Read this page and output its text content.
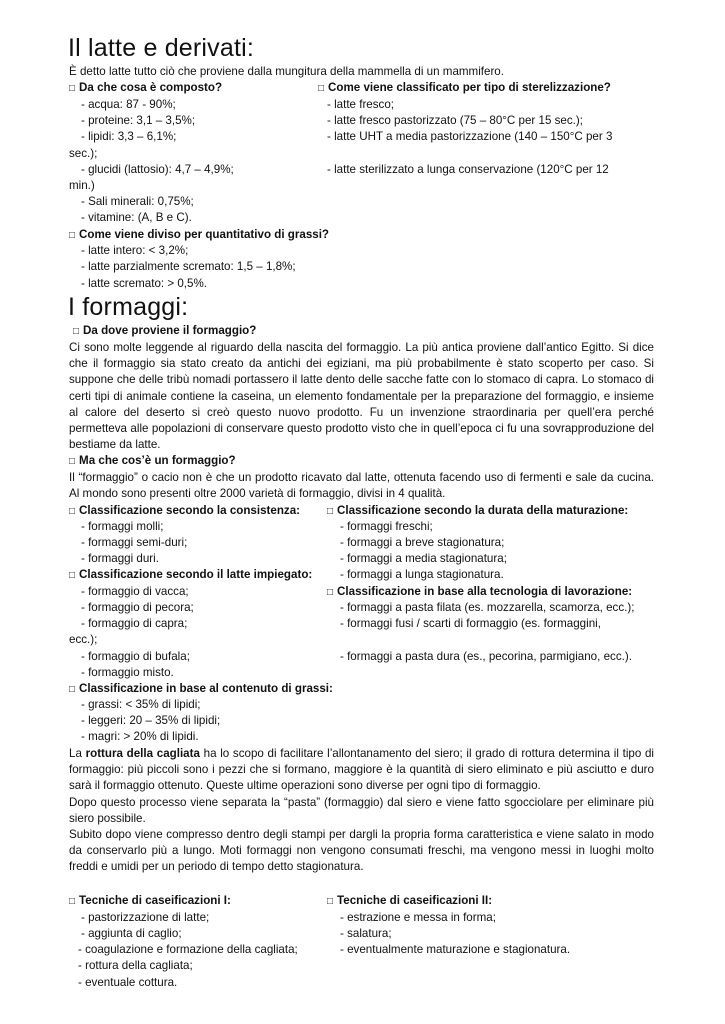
Il latte e derivati:
È detto latte tutto ciò che proviene dalla mungitura della mammella di un mammifero.
□ Da che cosa è composto?
- acqua: 87 - 90%;
- proteine: 3,1 – 3,5%;
- lipidi: 3,3 – 6,1%;
- glucidi (lattosio): 4,7 – 4,9%;
- Sali minerali: 0,75%;
- vitamine: (A, B e C).
□ Come viene classificato per tipo di sterelizzazione?
- latte fresco;
- latte fresco pastorizzato (75 – 80°C per 15 sec.);
- latte UHT a media pastorizzazione (140 – 150°C per 3
sec.);
- latte sterilizzato a lunga conservazione (120°C per 12
min.)
□ Come viene diviso per quantitativo di grassi?
- latte intero: < 3,2%;
- latte parzialmente scremato: 1,5 – 1,8%;
- latte scremato: > 0,5%.
I formaggi:
□ Da dove proviene il formaggio?
Ci sono molte leggende al riguardo della nascita del formaggio. La più antica proviene dall’antico Egitto. Si dice che il formaggio sia stato creato da antichi dei egiziani, ma più probabilmente è stato scoperto per caso. Si suppone che delle tribù nomadi portassero il latte dento delle sacche fatte con lo stomaco di capra. Lo stomaco di certi tipi di animale contiene la caseina, un elemento fondamentale per la preparazione del formaggio, e insieme al calore del deserto si creò questo nuovo prodotto. Fu un invenzione straordinaria per quell’era perché permetteva alle popolazioni di conservare questo prodotto visto che in quell’epoca ci fu una sovrapproduzione del bestiame da latte.
□ Ma che cos’è un formaggio?
Il “formaggio” o cacio non è che un prodotto ricavato dal latte, ottenuta facendo uso di fermenti e sale da cucina. Al mondo sono presenti oltre 2000 varietà di formaggio, divisi in 4 qualità.
□ Classificazione secondo la consistenza:
- formaggi molli;
- formaggi semi-duri;
- formaggi duri.
□ Classificazione secondo il latte impiegato:
- formaggio di vacca;
- formaggio di pecora;
- formaggio di capra;
ecc.);
- formaggio di bufala;
- formaggio misto.
□ Classificazione secondo la durata della maturazione:
- formaggi freschi;
- formaggi a breve stagionatura;
- formaggi a media stagionatura;
- formaggi a lunga stagionatura.
□ Classificazione in base alla tecnologia di lavorazione:
- formaggi a pasta filata (es. mozzarella, scamorza, ecc.);
- formaggi fusi / scarti di formaggio (es. formaggini,
- formaggi a pasta dura (es., pecorina, parmigiano, ecc.).
□ Classificazione in base al contenuto di grassi:
- grassi: < 35% di lipidi;
- leggeri: 20 – 35% di lipidi;
- magri: > 20% di lipidi.

La rottura della cagliata ha lo scopo di facilitare l’allontanamento del siero; il grado di rottura determina il tipo di formaggio: più piccoli sono i pezzi che si formano, maggiore è la quantità di siero eliminato e più asciutto e duro sarà il formaggio ottenuto. Queste ultime operazioni sono diverse per ogni tipo di formaggio.

Dopo questo processo viene separata la “pasta” (formaggio) dal siero e viene fatto sgocciolare per eliminare più siero possibile.

Subito dopo viene compresso dentro degli stampi per dargli la propria forma caratteristica e viene salato in modo da conservarlo più a lungo. Moti formaggi non vengono consumati freschi, ma vengono messi in luoghi molto freddi e umidi per un periodo di tempo detto stagionatura.

□ Tecniche di caseificazioni I:
- pastorizzazione di latte;
- aggiunta di caglio;
- coagulazione e formazione della cagliata;
- rottura della cagliata;
- eventuale cottura.
□ Tecniche di caseificazioni II:
- estrazione e messa in forma;
- salatura;
- eventualmente maturazione e stagionatura.
